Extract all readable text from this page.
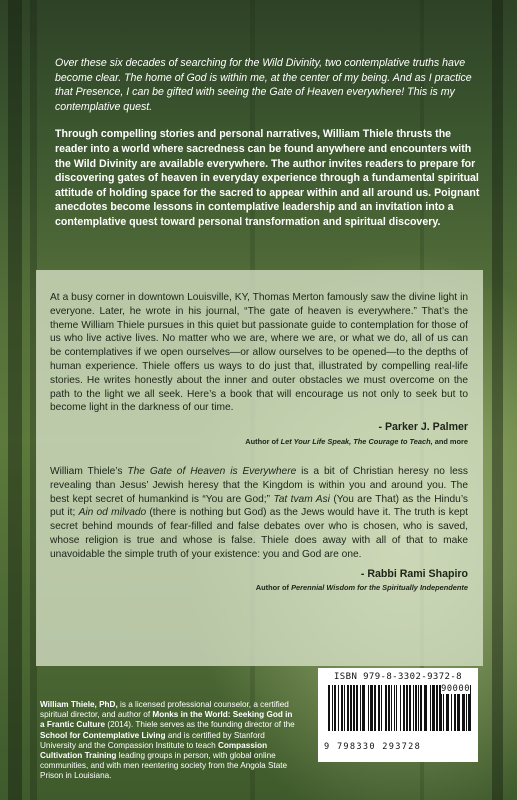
Over these six decades of searching for the Wild Divinity, two contemplative truths have become clear. The home of God is within me, at the center of my being. And as I practice that Presence, I can be gifted with seeing the Gate of Heaven everywhere! This is my contemplative quest.

Through compelling stories and personal narratives, William Thiele thrusts the reader into a world where sacredness can be found anywhere and encounters with the Wild Divinity are available everywhere. The author invites readers to prepare for discovering gates of heaven in everyday experience through a fundamental spiritual attitude of holding space for the sacred to appear within and all around us. Poignant anecdotes become lessons in contemplative leadership and an invitation into a contemplative quest toward personal transformation and spiritual discovery.

At a busy corner in downtown Louisville, KY, Thomas Merton famously saw the divine light in everyone. Later, he wrote in his journal, “The gate of heaven is everywhere.” That’s the theme William Thiele pursues in this quiet but passionate guide to contemplation for those of us who live active lives. No matter who we are, where we are, or what we do, all of us can be contemplatives if we open ourselves—or allow ourselves to be opened—to the depths of human experience. Thiele offers us ways to do just that, illustrated by compelling real-life stories. He writes honestly about the inner and outer obstacles we must overcome on the path to the light we all seek. Here’s a book that will encourage us not only to seek but to become light in the darkness of our time.

- Parker J. Palmer

Author of Let Your Life Speak, The Courage to Teach, and more

William Thiele’s The Gate of Heaven is Everywhere is a bit of Christian heresy no less revealing than Jesus’ Jewish heresy that the Kingdom is within you and around you. The best kept secret of humankind is “You are God;” Tat tvam Asi (You are That) as the Hindu’s put it; Ain od milvado (there is nothing but God) as the Jews would have it. The truth is kept secret behind mounds of fear-filled and false debates over who is chosen, who is saved, whose religion is true and whose is false. Thiele does away with all of that to make unavoidable the simple truth of your existence: you and God are one.

- Rabbi Rami Shapiro

Author of Perennial Wisdom for the Spiritually Independente

William Thiele, PhD, is a licensed professional counselor, a certified spiritual director, and author of Monks in the World: Seeking God in a Frantic Culture (2014). Thiele serves as the founding director of the School for Contemplative Living and is certified by Stanford University and the Compassion Institute to teach Compassion Cultivation Training leading groups in person, with global online communities, and with men reentering society from the Angola State Prison in Louisiana.
ISBN 979-8-3302-9372-8
9 798330 293728
90000
